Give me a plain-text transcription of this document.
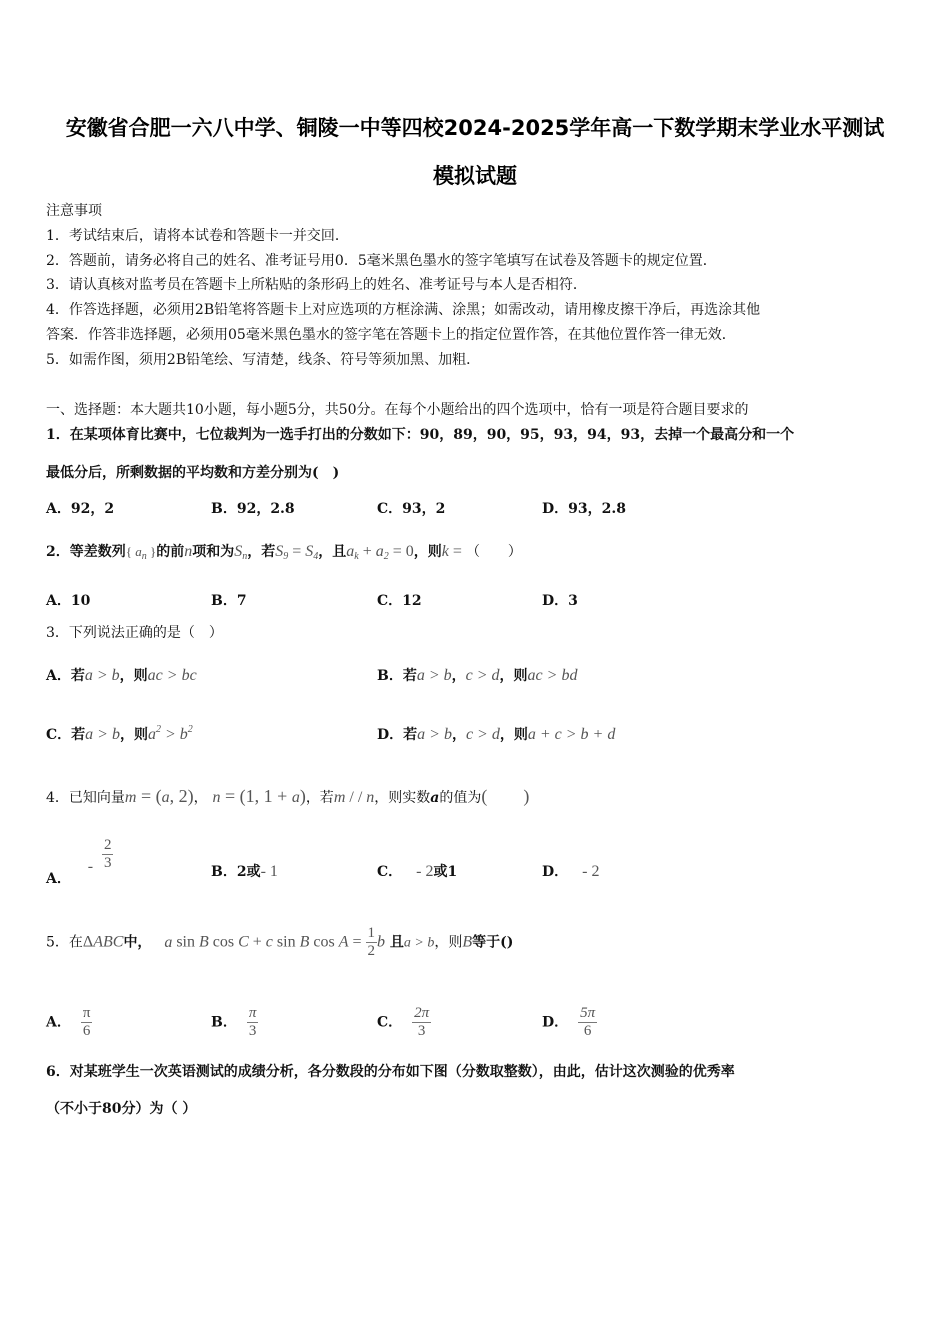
安徽省合肥一六八中学、铜陵一中等四校2024-2025学年高一下数学期末学业水平测试
模拟试题
注意事项
1．考试结束后，请将本试卷和答题卡一并交回．
2．答题前，请务必将自己的姓名、准考证号用0．5毫米黑色墨水的签字笔填写在试卷及答题卡的规定位置．
3．请认真核对监考员在答题卡上所粘贴的条形码上的姓名、准考证号与本人是否相符．
4．作答选择题，必须用2B铅笔将答题卡上对应选项的方框涂满、涂黑；如需改动，请用橡皮擦干净后，再选涂其他
答案．作答非选择题，必须用05毫米黑色墨水的签字笔在答题卡上的指定位置作答，在其他位置作答一律无效．
5．如需作图，须用2B铅笔绘、写清楚，线条、符号等须加黑、加粗．
一、选择题：本大题共10小题，每小题5分，共50分。在每个小题给出的四个选项中，恰有一项是符合题目要求的
1．在某项体育比赛中，七位裁判为一选手打出的分数如下：90，89，90，95，93，94，93，去掉一个最高分和一个
最低分后，所剩数据的平均数和方差分别为(　)
A．92，2	B．92，2.8	C．93，2	D．93，2.8
2．等差数列{ $a_n$ }的前n项和为$S_n$，若$S_9 = S_4$，且$a_k + a_2 = 0$，则k = （　　）
A．10	B．7	C．12	D．3
3．下列说法正确的是（　）
A．若a > b，则ac > bc	B．若a > b，c > d，则ac > bd
C．若a > b，则$a^2 > b^2$	D．若a > b，c > d，则a + c > b + d
4．已知向量m = (a, 2)， n = (1, 1 + a)，若m / / n，则实数a的值为(　　)
A． - $\frac{2}{3}$	B．2或- 1	C． - 2或1	D． - 2
5．在ΔABC中， a sin B cos C + c sin B $\cos A = \frac{1}{2}$ b 且a > b，则B等于()
A． $\frac{\pi}{6}$	B． $\frac{\pi}{3}$	C． $\frac{2\pi}{3}$	D． $\frac{5\pi}{6}$
6．对某班学生一次英语测试的成绩分析，各分数段的分布如下图（分数取整数），由此，估计这次测验的优秀率
（不小于80分）为（ ）
